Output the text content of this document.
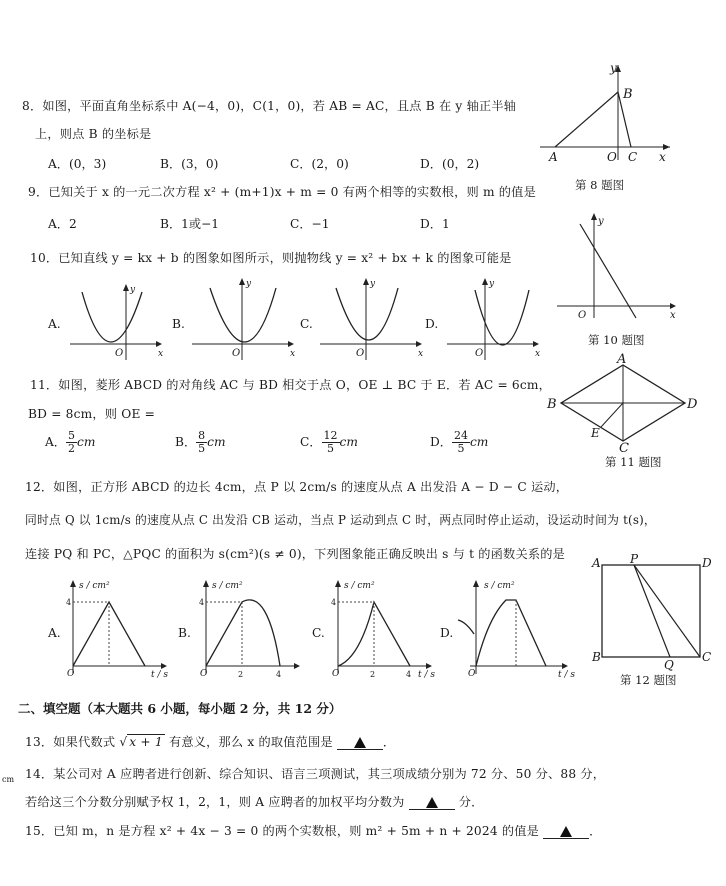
8．如图，平面直角坐标系中 A(−4，0)，C(1，0)，若 AB = AC，且点 B 在 y 轴正半轴
上，则点 B 的坐标是
A．(0，3)	B．(3，0)	C．(2，0)	D．(0，2)
y
B
A	O C x
第 8 题图
9．已知关于 x 的一元二次方程 x² + (m+1)x + m = 0 有两个相等的实数根，则 m 的值是
A．2	B．1或−1	C．−1	D．1
10．已知直线 y = kx + b 的图象如图所示，则抛物线 y = x² + bx + k 的图象可能是
A.
O
y
x
B.
O
y
x
C.
O
y
x
D.
O
y
x
y
O	x
第 10 题图
11．如图，菱形 ABCD 的对角线 AC 与 BD 相交于点 O，OE ⊥ BC 于 E．若 AC = 6cm，
BD = 8cm，则 OE =
A． $\frac{5}{2}$ cm	B． $\frac{8}{5}$ cm	C． $\frac{12}{5}$ cm	D． $\frac{24}{5}$ cm
A
B	D
C
E
第 11 题图
12．如图，正方形 ABCD 的边长 4cm，点 P 以 2cm/s 的速度从点 A 出发沿 A − D − C 运动，
同时点 Q 以 1cm/s 的速度从点 C 出发沿 CB 运动，当点 P 运动到点 C 时，两点同时停止运动，设运动时间为 t(s)，
连接 PQ 和 PC，△PQC 的面积为 s(cm²)(s ≠ 0)，下列图象能正确反映出 s 与 t 的函数关系的是
A.
4
s / cm²
O	t / s
B.
4
2	4
s / cm²
O
C.
4
2	4
s / cm²
O	t / s
D.
s / cm²
O	t / s
A P	D
B
Q
C
第 12 题图
二、填空题（本大题共 6 小题，每小题 2 分，共 12 分）
13．如果代数式 √ x + 1 有意义，那么 x 的取值范围是	．
cm 14．某公司对 A 应聘者进行创新、综合知识、语言三项测试，其三项成绩分别为 72 分、50 分、88 分，
若给这三个分数分别赋予权 1，2，1，则 A 应聘者的加权平均分数为	分．
15．已知 m，n 是方程 x² + 4x − 3 = 0 的两个实数根，则 m² + 5m + n + 2024 的值是	．
